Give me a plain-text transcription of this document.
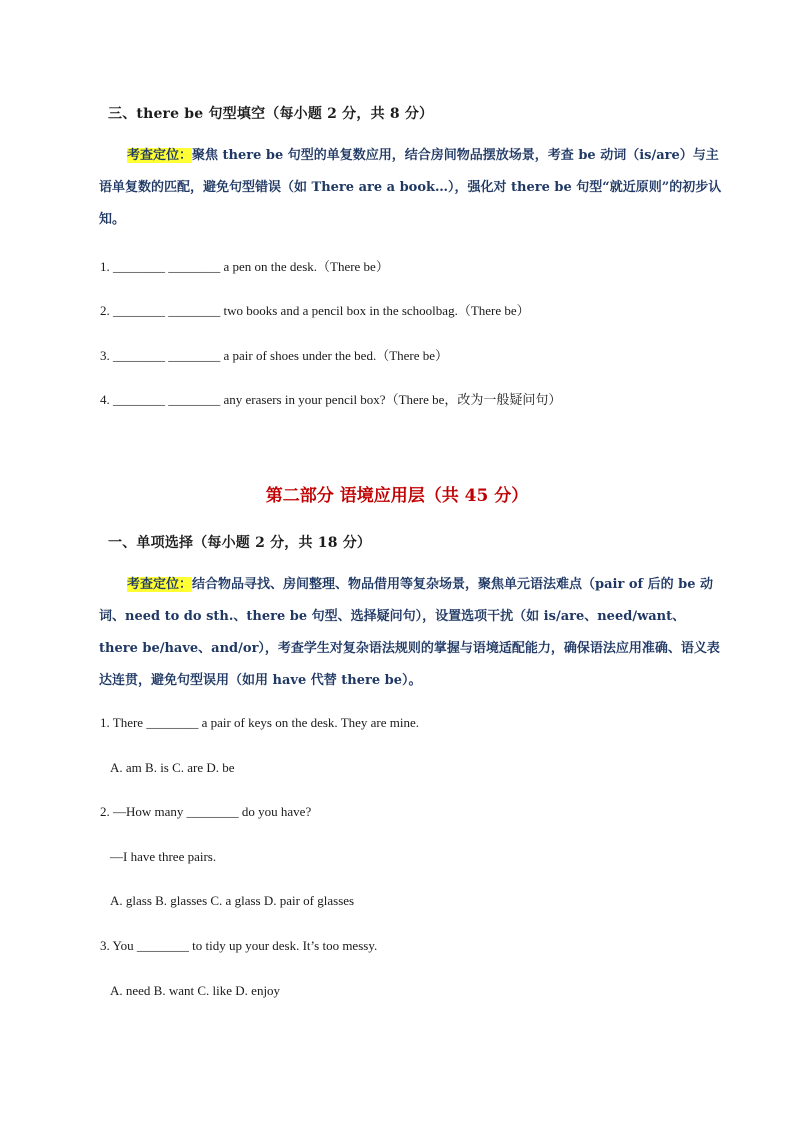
三、there be 句型填空（每小题 2 分，共 8 分）
考查定位：聚焦 there be 句型的单复数应用，结合房间物品摆放场景，考查 be 动词（is/are）与主语单复数的匹配，避免句型错误（如 There are a book…），强化对 there be 句型“就近原则”的初步认知。
1. ________ ________ a pen on the desk.（There be）
2. ________ ________ two books and a pencil box in the schoolbag.（There be）
3. ________ ________ a pair of shoes under the bed.（There be）
4. ________ ________ any erasers in your pencil box?（There be，改为一般疑问句）
第二部分 语境应用层（共 45 分）
一、单项选择（每小题 2 分，共 18 分）
考查定位：结合物品寻找、房间整理、物品借用等复杂场景，聚焦单元语法难点（pair of 后的 be 动词、need to do sth.、there be 句型、选择疑问句），设置选项干扰（如 is/are、need/want、there be/have、and/or），考查学生对复杂语法规则的掌握与语境适配能力，确保语法应用准确、语义表达连贯，避免句型误用（如用 have 代替 there be）。
1. There ________ a pair of keys on the desk. They are mine.
A. am B. is C. are D. be
2. —How many ________ do you have?
—I have three pairs.
A. glass B. glasses C. a glass D. pair of glasses
3. You ________ to tidy up your desk. It’s too messy.
A. need B. want C. like D. enjoy
